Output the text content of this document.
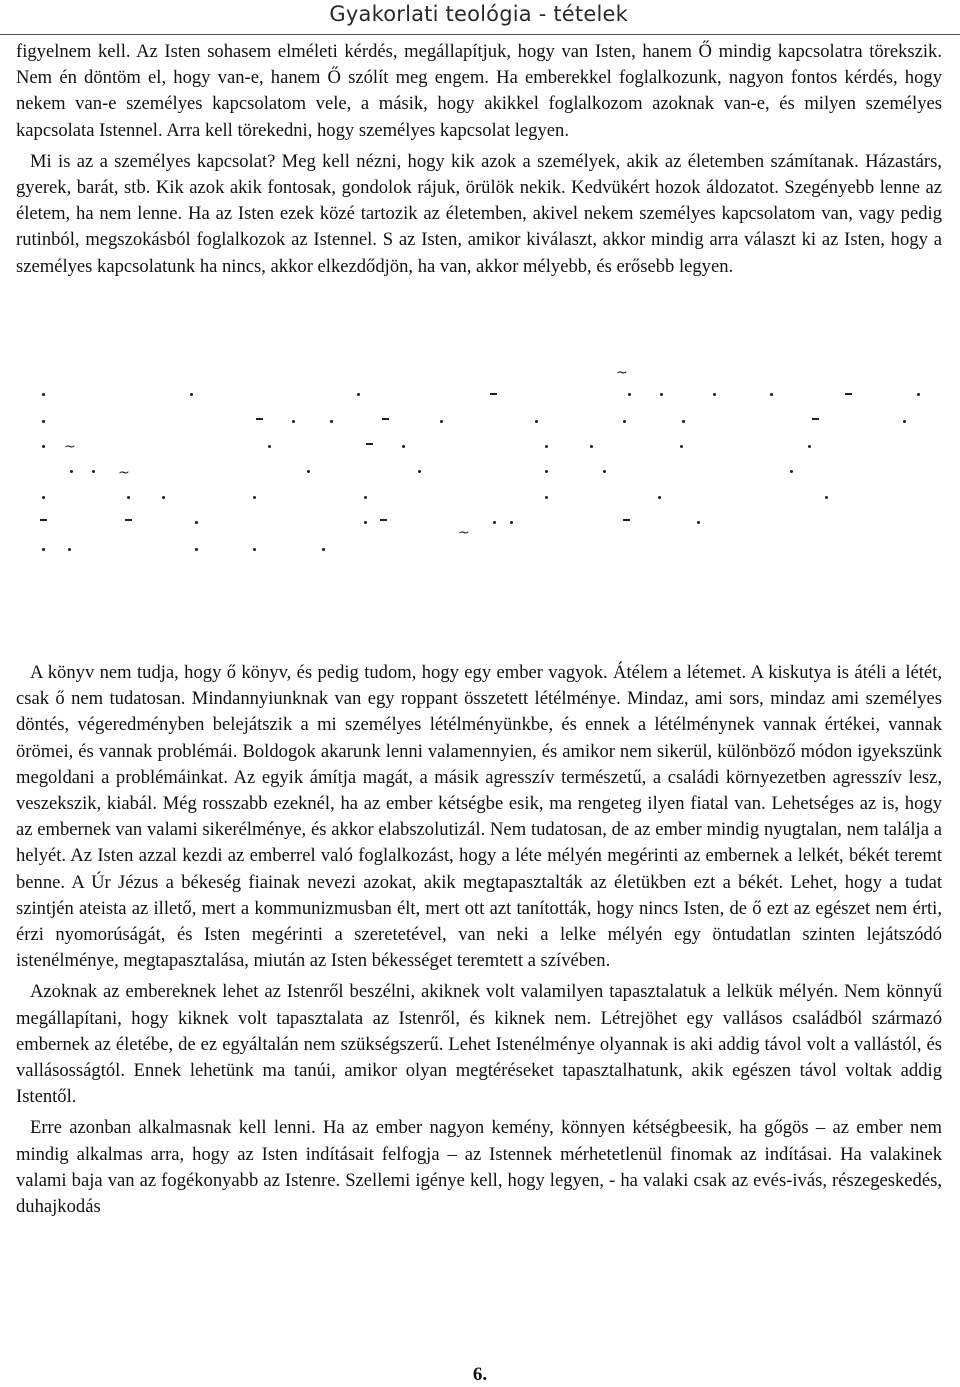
Gyakorlati teológia - tételek

figyelnem kell. Az Isten sohasem elméleti kérdés, megállapítjuk, hogy van Isten, hanem Ő mindig kapcsolatra törekszik. Nem én döntöm el, hogy van-e, hanem Ő szólít meg engem. Ha emberekkel foglalkozunk, nagyon fontos kérdés, hogy nekem van-e személyes kapcsolatom vele, a másik, hogy akikkel foglalkozom azoknak van-e, és milyen személyes kapcsolata Istennel. Arra kell törekedni, hogy személyes kapcsolat legyen.

Mi is az a személyes kapcsolat? Meg kell nézni, hogy kik azok a személyek, akik az életemben számítanak. Házastárs, gyerek, barát, stb. Kik azok akik fontosak, gondolok rájuk, örülök nekik. Kedvükért hozok áldozatot. Szegényebb lenne az életem, ha nem lenne. Ha az Isten ezek közé tartozik az életemben, akivel nekem személyes kapcsolatom van, vagy pedig rutinból, megszokásból foglalkozok az Istennel. S az Isten, amikor kiválaszt, akkor mindig arra választ ki az Isten, hogy a személyes kapcsolatunk ha nincs, akkor elkezdődjön, ha van, akkor mélyebb, és erősebb legyen.

~
~
~
~

A könyv nem tudja, hogy ő könyv, és pedig tudom, hogy egy ember vagyok. Átélem a létemet. A kiskutya is átéli a létét, csak ő nem tudatosan. Mindannyiunknak van egy roppant összetett létélménye. Mindaz, ami sors, mindaz ami személyes döntés, végeredményben belejátszik a mi személyes létélményünkbe, és ennek a létélménynek vannak értékei, vannak örömei, és vannak problémái. Boldogok akarunk lenni valamennyien, és amikor nem sikerül, különböző módon igyekszünk megoldani a problémáinkat. Az egyik ámítja magát, a másik agresszív természetű, a családi környezetben agresszív lesz, veszekszik, kiabál. Még rosszabb ezeknél, ha az ember kétségbe esik, ma rengeteg ilyen fiatal van. Lehetséges az is, hogy az embernek van valami sikerélménye, és akkor elabszolutizál. Nem tudatosan, de az ember mindig nyugtalan, nem találja a helyét. Az Isten azzal kezdi az emberrel való foglalkozást, hogy a léte mélyén megérinti az embernek a lelkét, békét teremt benne. A Úr Jézus a békeség fiainak nevezi azokat, akik megtapasztalták az életükben ezt a békét. Lehet, hogy a tudat szintjén ateista az illető, mert a kommunizmusban élt, mert ott azt tanították, hogy nincs Isten, de ő ezt az egészet nem érti, érzi nyomorúságát, és Isten megérinti a szeretetével, van neki a lelke mélyén egy öntudatlan szinten lejátszódó istenélménye, megtapasztalása, miután az Isten békességet teremtett a szívében.

Azoknak az embereknek lehet az Istenről beszélni, akiknek volt valamilyen tapasztalatuk a lelkük mélyén. Nem könnyű megállapítani, hogy kiknek volt tapasztalata az Istenről, és kiknek nem. Létrejöhet egy vallásos családból származó embernek az életébe, de ez egyáltalán nem szükségszerű. Lehet Istenélménye olyannak is aki addig távol volt a vallástól, és vallásosságtól. Ennek lehetünk ma tanúi, amikor olyan megtéréseket tapasztalhatunk, akik egészen távol voltak addig Istentől.

Erre azonban alkalmasnak kell lenni. Ha az ember nagyon kemény, könnyen kétségbeesik, ha gőgös – az ember nem mindig alkalmas arra, hogy az Isten indításait felfogja – az Istennek mérhetetlenül finomak az indításai. Ha valakinek valami baja van az fogékonyabb az Istenre. Szellemi igénye kell, hogy legyen, - ha valaki csak az evés-ivás, részegeskedés, duhajkodás

6.
